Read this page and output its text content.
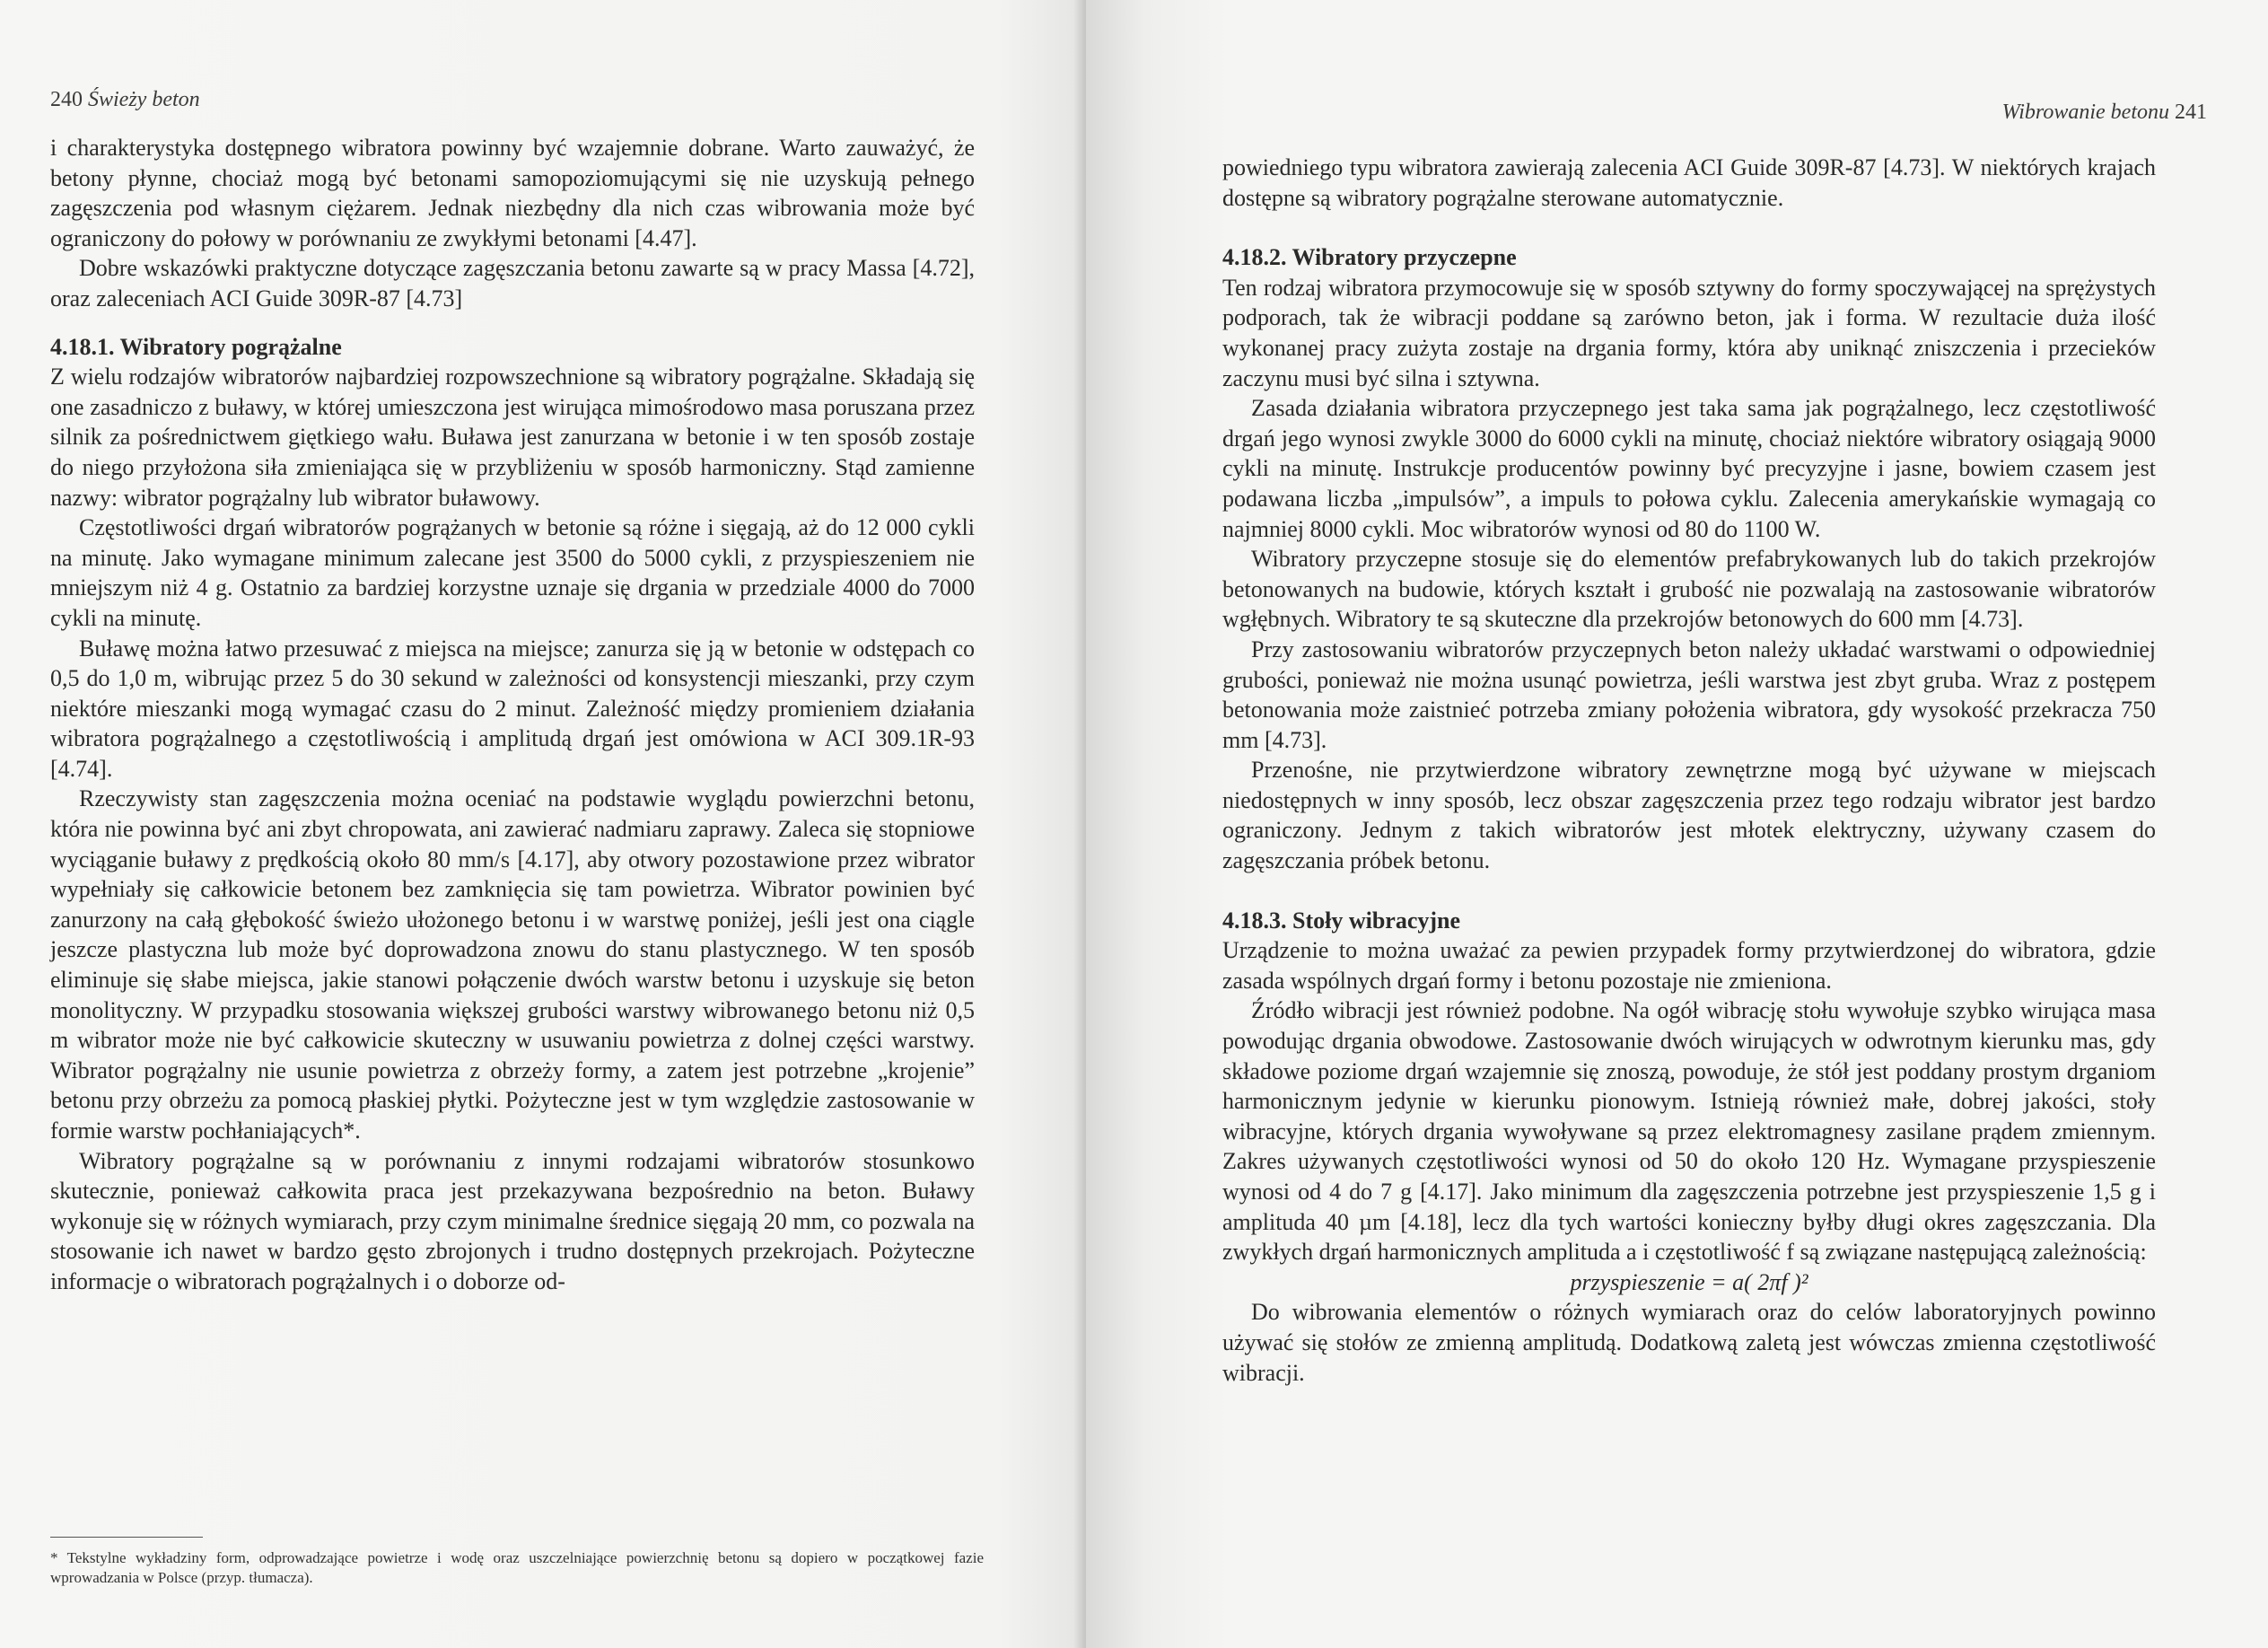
240 Świeży beton

i charakterystyka dostępnego wibratora powinny być wzajemnie dobrane. Warto zauważyć, że betony płynne, chociaż mogą być betonami samopoziomującymi się nie uzyskują pełnego zagęszczenia pod własnym ciężarem. Jednak niezbędny dla nich czas wibrowania może być ograniczony do połowy w porównaniu ze zwykłymi betonami [4.47].

Dobre wskazówki praktyczne dotyczące zagęszczania betonu zawarte są w pracy Massa [4.72], oraz zaleceniach ACI Guide 309R-87 [4.73]

4.18.1. Wibratory pogrążalne

Z wielu rodzajów wibratorów najbardziej rozpowszechnione są wibratory pogrążalne. Składają się one zasadniczo z buławy, w której umieszczona jest wirująca mimośrodowo masa poruszana przez silnik za pośrednictwem giętkiego wału. Buława jest zanurzana w betonie i w ten sposób zostaje do niego przyłożona siła zmieniająca się w przybliżeniu w sposób harmoniczny. Stąd zamienne nazwy: wibrator pogrążalny lub wibrator buławowy.

Częstotliwości drgań wibratorów pogrążanych w betonie są różne i sięgają, aż do 12 000 cykli na minutę. Jako wymagane minimum zalecane jest 3500 do 5000 cykli, z przyspieszeniem nie mniejszym niż 4 g. Ostatnio za bardziej korzystne uznaje się drgania w przedziale 4000 do 7000 cykli na minutę.

Buławę można łatwo przesuwać z miejsca na miejsce; zanurza się ją w betonie w odstępach co 0,5 do 1,0 m, wibrując przez 5 do 30 sekund w zależności od konsystencji mieszanki, przy czym niektóre mieszanki mogą wymagać czasu do 2 minut. Zależność między promieniem działania wibratora pogrążalnego a częstotliwością i amplitudą drgań jest omówiona w ACI 309.1R-93 [4.74].

Rzeczywisty stan zagęszczenia można oceniać na podstawie wyglądu powierzchni betonu, która nie powinna być ani zbyt chropowata, ani zawierać nadmiaru zaprawy. Zaleca się stopniowe wyciąganie buławy z prędkością około 80 mm/s [4.17], aby otwory pozostawione przez wibrator wypełniały się całkowicie betonem bez zamknięcia się tam powietrza. Wibrator powinien być zanurzony na całą głębokość świeżo ułożonego betonu i w warstwę poniżej, jeśli jest ona ciągle jeszcze plastyczna lub może być doprowadzona znowu do stanu plastycznego. W ten sposób eliminuje się słabe miejsca, jakie stanowi połączenie dwóch warstw betonu i uzyskuje się beton monolityczny. W przypadku stosowania większej grubości warstwy wibrowanego betonu niż 0,5 m wibrator może nie być całkowicie skuteczny w usuwaniu powietrza z dolnej części warstwy. Wibrator pogrążalny nie usunie powietrza z obrzeży formy, a zatem jest potrzebne „krojenie” betonu przy obrzeżu za pomocą płaskiej płytki. Pożyteczne jest w tym względzie zastosowanie w formie warstw pochłaniających*.

Wibratory pogrążalne są w porównaniu z innymi rodzajami wibratorów stosunkowo skutecznie, ponieważ całkowita praca jest przekazywana bezpośrednio na beton. Buławy wykonuje się w różnych wymiarach, przy czym minimalne średnice sięgają 20 mm, co pozwala na stosowanie ich nawet w bardzo gęsto zbrojonych i trudno dostępnych przekrojach. Pożyteczne informacje o wibratorach pogrążalnych i o doborze od-

* Tekstylne wykładziny form, odprowadzające powietrze i wodę oraz uszczelniające powierzchnię betonu są dopiero w początkowej fazie wprowadzania w Polsce (przyp. tłumacza).
Wibrowanie betonu 241

powiedniego typu wibratora zawierają zalecenia ACI Guide 309R-87 [4.73]. W niektórych krajach dostępne są wibratory pogrążalne sterowane automatycznie.

4.18.2. Wibratory przyczepne

Ten rodzaj wibratora przymocowuje się w sposób sztywny do formy spoczywającej na sprężystych podporach, tak że wibracji poddane są zarówno beton, jak i forma. W rezultacie duża ilość wykonanej pracy zużyta zostaje na drgania formy, która aby uniknąć zniszczenia i przecieków zaczynu musi być silna i sztywna.

Zasada działania wibratora przyczepnego jest taka sama jak pogrążalnego, lecz częstotliwość drgań jego wynosi zwykle 3000 do 6000 cykli na minutę, chociaż niektóre wibratory osiągają 9000 cykli na minutę. Instrukcje producentów powinny być precyzyjne i jasne, bowiem czasem jest podawana liczba „impulsów”, a impuls to połowa cyklu. Zalecenia amerykańskie wymagają co najmniej 8000 cykli. Moc wibratorów wynosi od 80 do 1100 W.

Wibratory przyczepne stosuje się do elementów prefabrykowanych lub do takich przekrojów betonowanych na budowie, których kształt i grubość nie pozwalają na zastosowanie wibratorów wgłębnych. Wibratory te są skuteczne dla przekrojów betonowych do 600 mm [4.73].

Przy zastosowaniu wibratorów przyczepnych beton należy układać warstwami o odpowiedniej grubości, ponieważ nie można usunąć powietrza, jeśli warstwa jest zbyt gruba. Wraz z postępem betonowania może zaistnieć potrzeba zmiany położenia wibratora, gdy wysokość przekracza 750 mm [4.73].

Przenośne, nie przytwierdzone wibratory zewnętrzne mogą być używane w miejscach niedostępnych w inny sposób, lecz obszar zagęszczenia przez tego rodzaju wibrator jest bardzo ograniczony. Jednym z takich wibratorów jest młotek elektryczny, używany czasem do zagęszczania próbek betonu.

4.18.3. Stoły wibracyjne

Urządzenie to można uważać za pewien przypadek formy przytwierdzonej do wibratora, gdzie zasada wspólnych drgań formy i betonu pozostaje nie zmieniona.

Źródło wibracji jest również podobne. Na ogół wibrację stołu wywołuje szybko wirująca masa powodując drgania obwodowe. Zastosowanie dwóch wirujących w odwrotnym kierunku mas, gdy składowe poziome drgań wzajemnie się znoszą, powoduje, że stół jest poddany prostym drganiom harmonicznym jedynie w kierunku pionowym. Istnieją również małe, dobrej jakości, stoły wibracyjne, których drgania wywoływane są przez elektromagnesy zasilane prądem zmiennym. Zakres używanych częstotliwości wynosi od 50 do około 120 Hz. Wymagane przyspieszenie wynosi od 4 do 7 g [4.17]. Jako minimum dla zagęszczenia potrzebne jest przyspieszenie 1,5 g i amplituda 40 µm [4.18], lecz dla tych wartości konieczny byłby długi okres zagęszczania. Dla zwykłych drgań harmonicznych amplituda a i częstotliwość f są związane następującą zależnością:

przyspieszenie = a( 2πf )²

Do wibrowania elementów o różnych wymiarach oraz do celów laboratoryjnych powinno używać się stołów ze zmienną amplitudą. Dodatkową zaletą jest wówczas zmienna częstotliwość wibracji.
